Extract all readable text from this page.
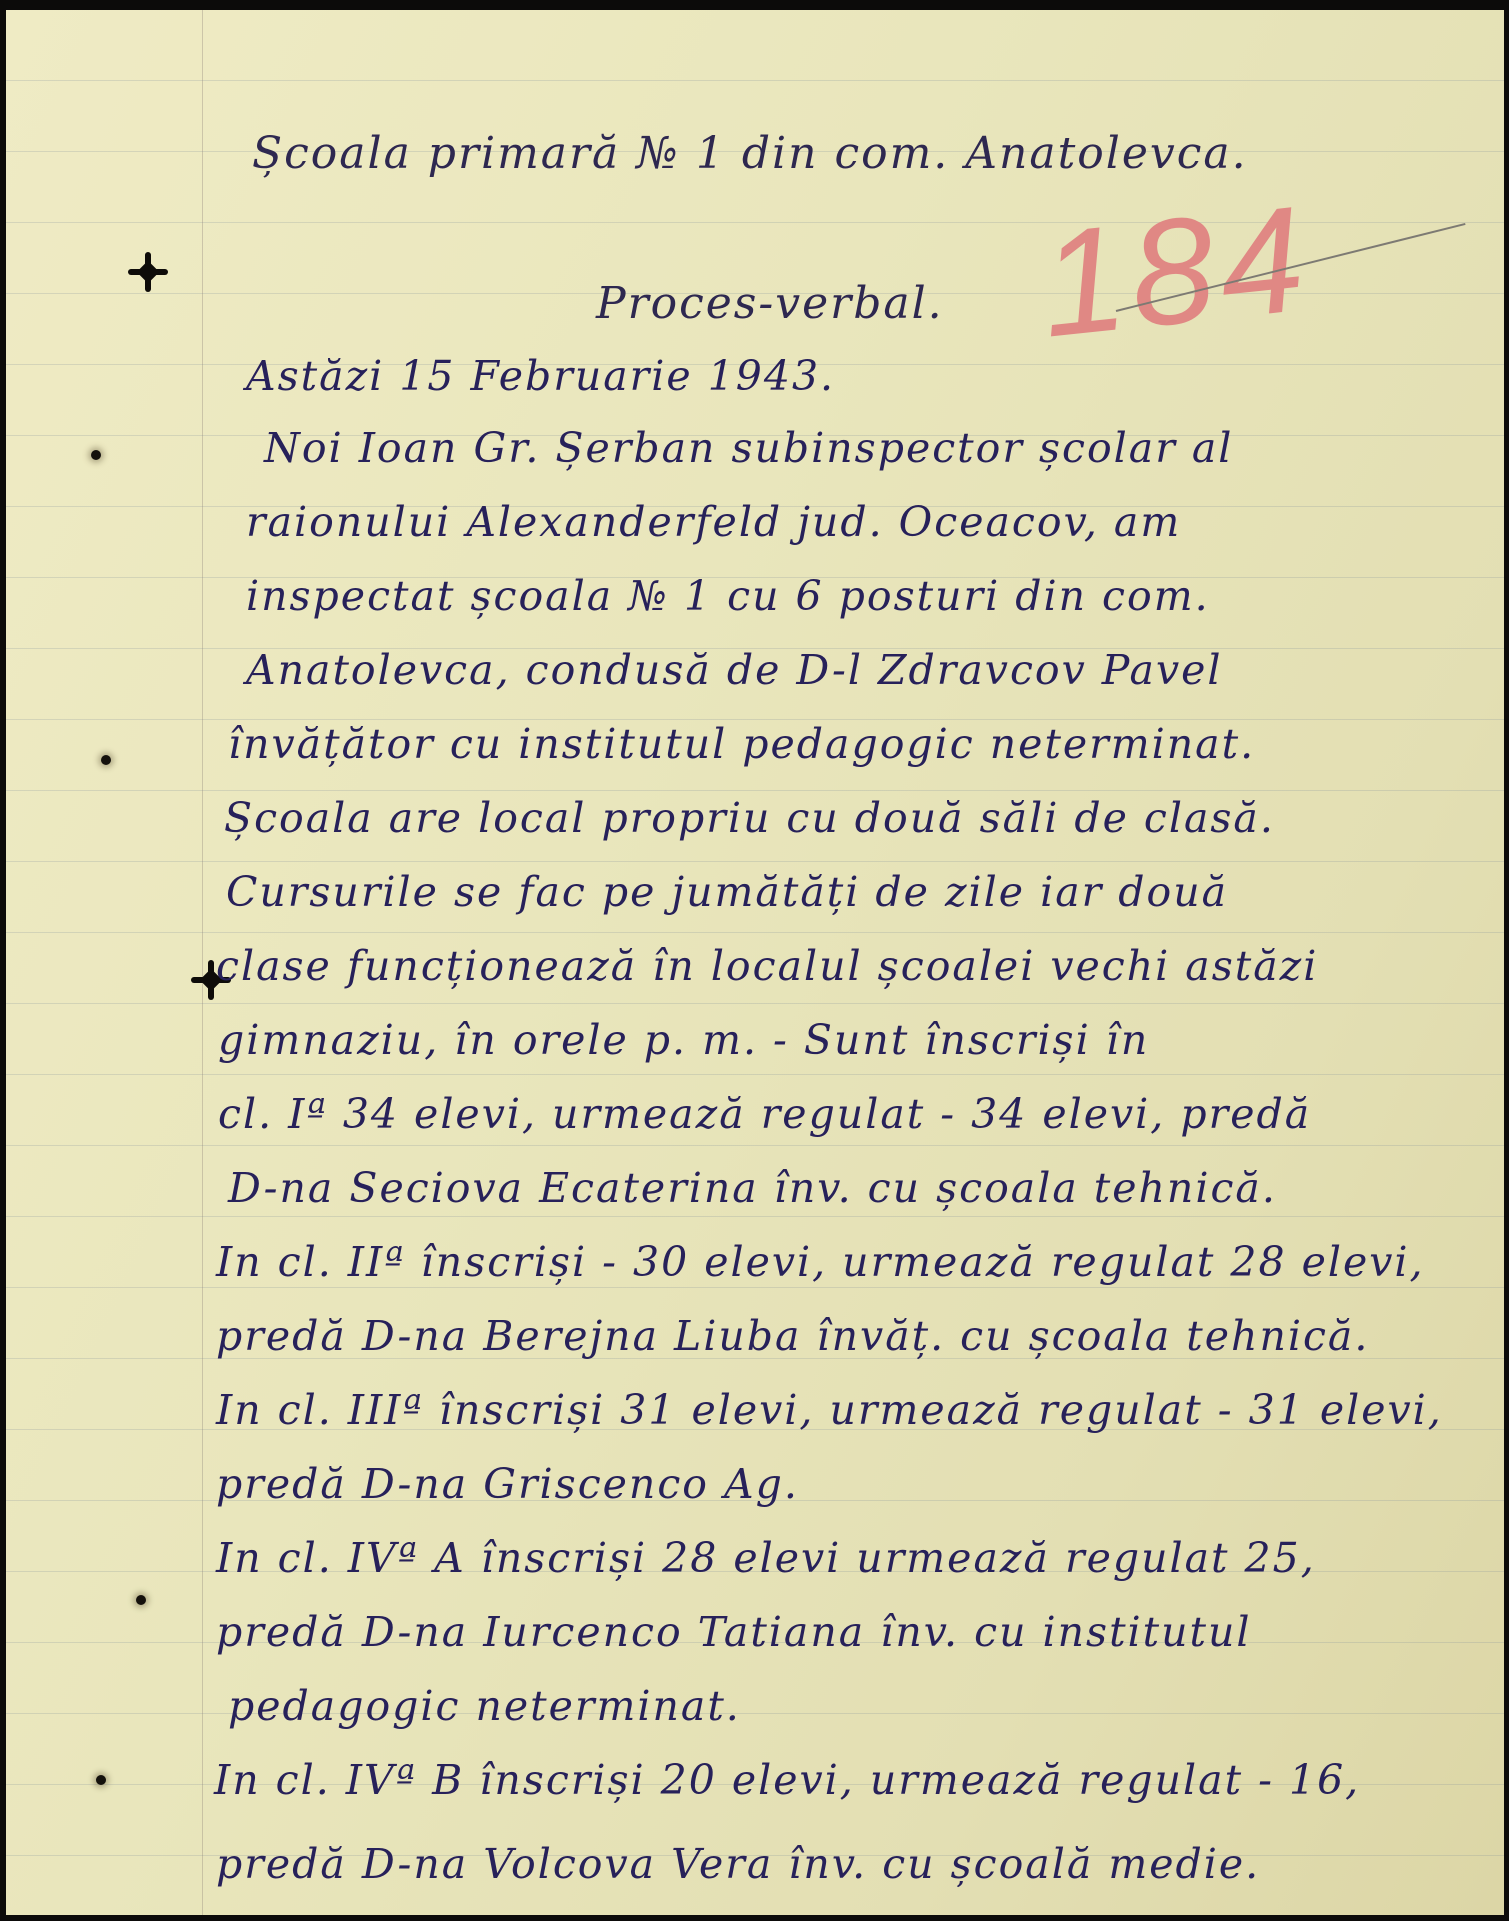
Școala primară № 1 din com. Anatolevca.
184
Proces-verbal.
Astăzi 15 Februarie 1943.
Noi Ioan Gr. Șerban subinspector școlar al
raionului Alexanderfeld jud. Oceacov, am
inspectat școala № 1 cu 6 posturi din com.
Anatolevca, condusă de D-l Zdravcov Pavel
învățător cu institutul pedagogic neterminat.
Școala are local propriu cu două săli de clasă.
Cursurile se fac pe jumătăți de zile iar două
clase funcționează în localul școalei vechi astăzi
gimnaziu, în orele p. m. - Sunt înscriși în
cl. Iª 34 elevi, urmează regulat - 34 elevi, predă
D-na Seciova Ecaterina înv. cu școala tehnică.
In cl. IIª înscriși - 30 elevi, urmează regulat 28 elevi,
predă D-na Berejna Liuba învăț. cu școala tehnică.
In cl. IIIª înscriși 31 elevi, urmează regulat - 31 elevi,
predă D-na Griscenco Ag.
In cl. IVª A înscriși 28 elevi urmează regulat 25,
predă D-na Iurcenco Tatiana înv. cu institutul
pedagogic neterminat.
In cl. IVª B înscriși 20 elevi, urmează regulat - 16,
predă D-na Volcova Vera înv. cu școală medie.
